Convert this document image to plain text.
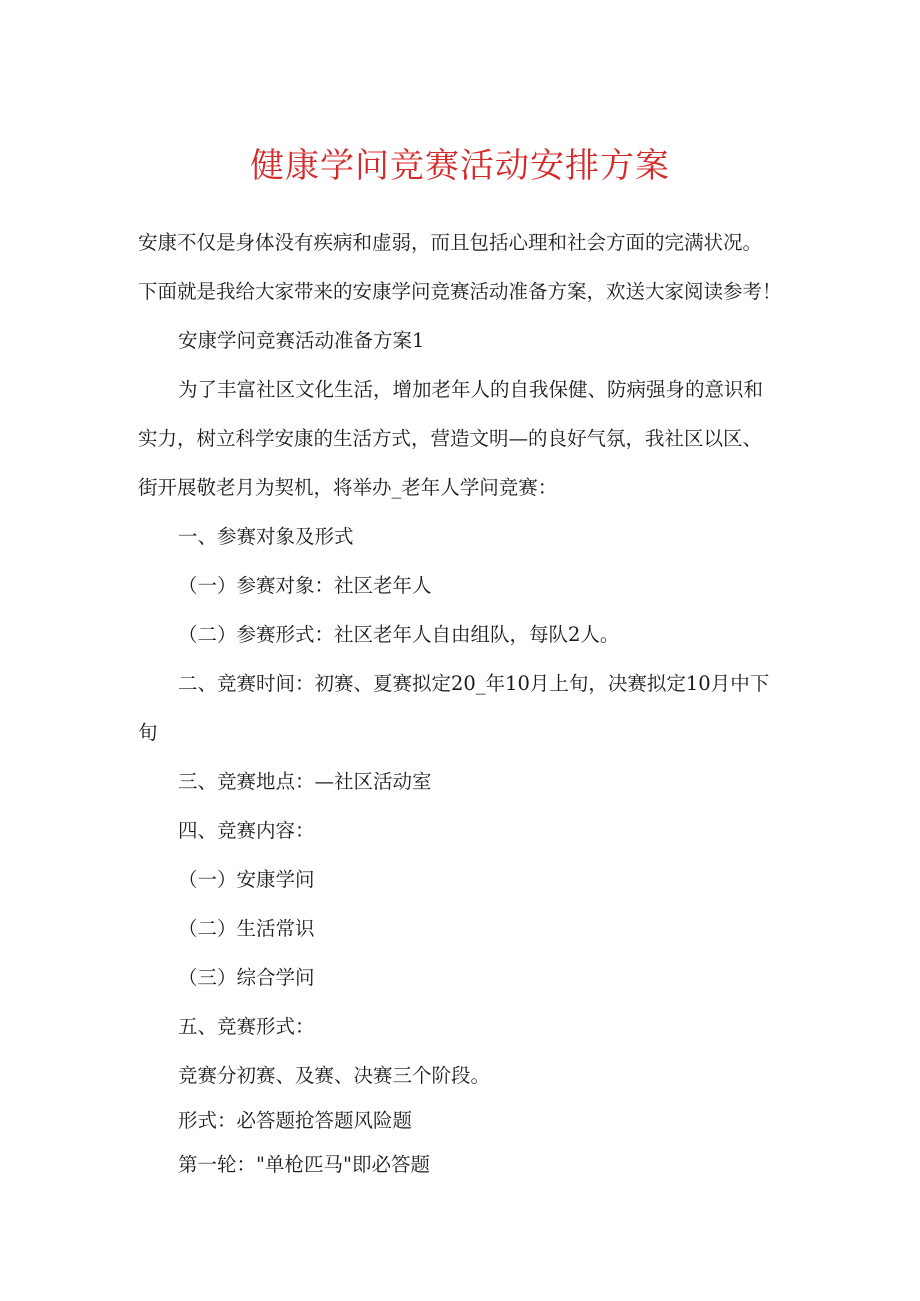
健康学问竞赛活动安排方案
安康不仅是身体没有疾病和虚弱，而且包括心理和社会方面的完满状况。
下面就是我给大家带来的安康学问竞赛活动准备方案，欢送大家阅读参考！
安康学问竞赛活动准备方案1
为了丰富社区文化生活，增加老年人的自我保健、防病强身的意识和
实力，树立科学安康的生活方式，营造文明—的良好气氛，我社区以区、
街开展敬老月为契机，将举办_老年人学问竞赛：
一、参赛对象及形式
（一）参赛对象：社区老年人
（二）参赛形式：社区老年人自由组队，每队2人。
二、竞赛时间：初赛、夏赛拟定20_年10月上旬，决赛拟定10月中下
旬
三、竞赛地点：—社区活动室
四、竞赛内容：
（一）安康学问
（二）生活常识
（三）综合学问
五、竞赛形式：
竞赛分初赛、及赛、决赛三个阶段。
形式：必答题抢答题风险题
第一轮："单枪匹马"即必答题
